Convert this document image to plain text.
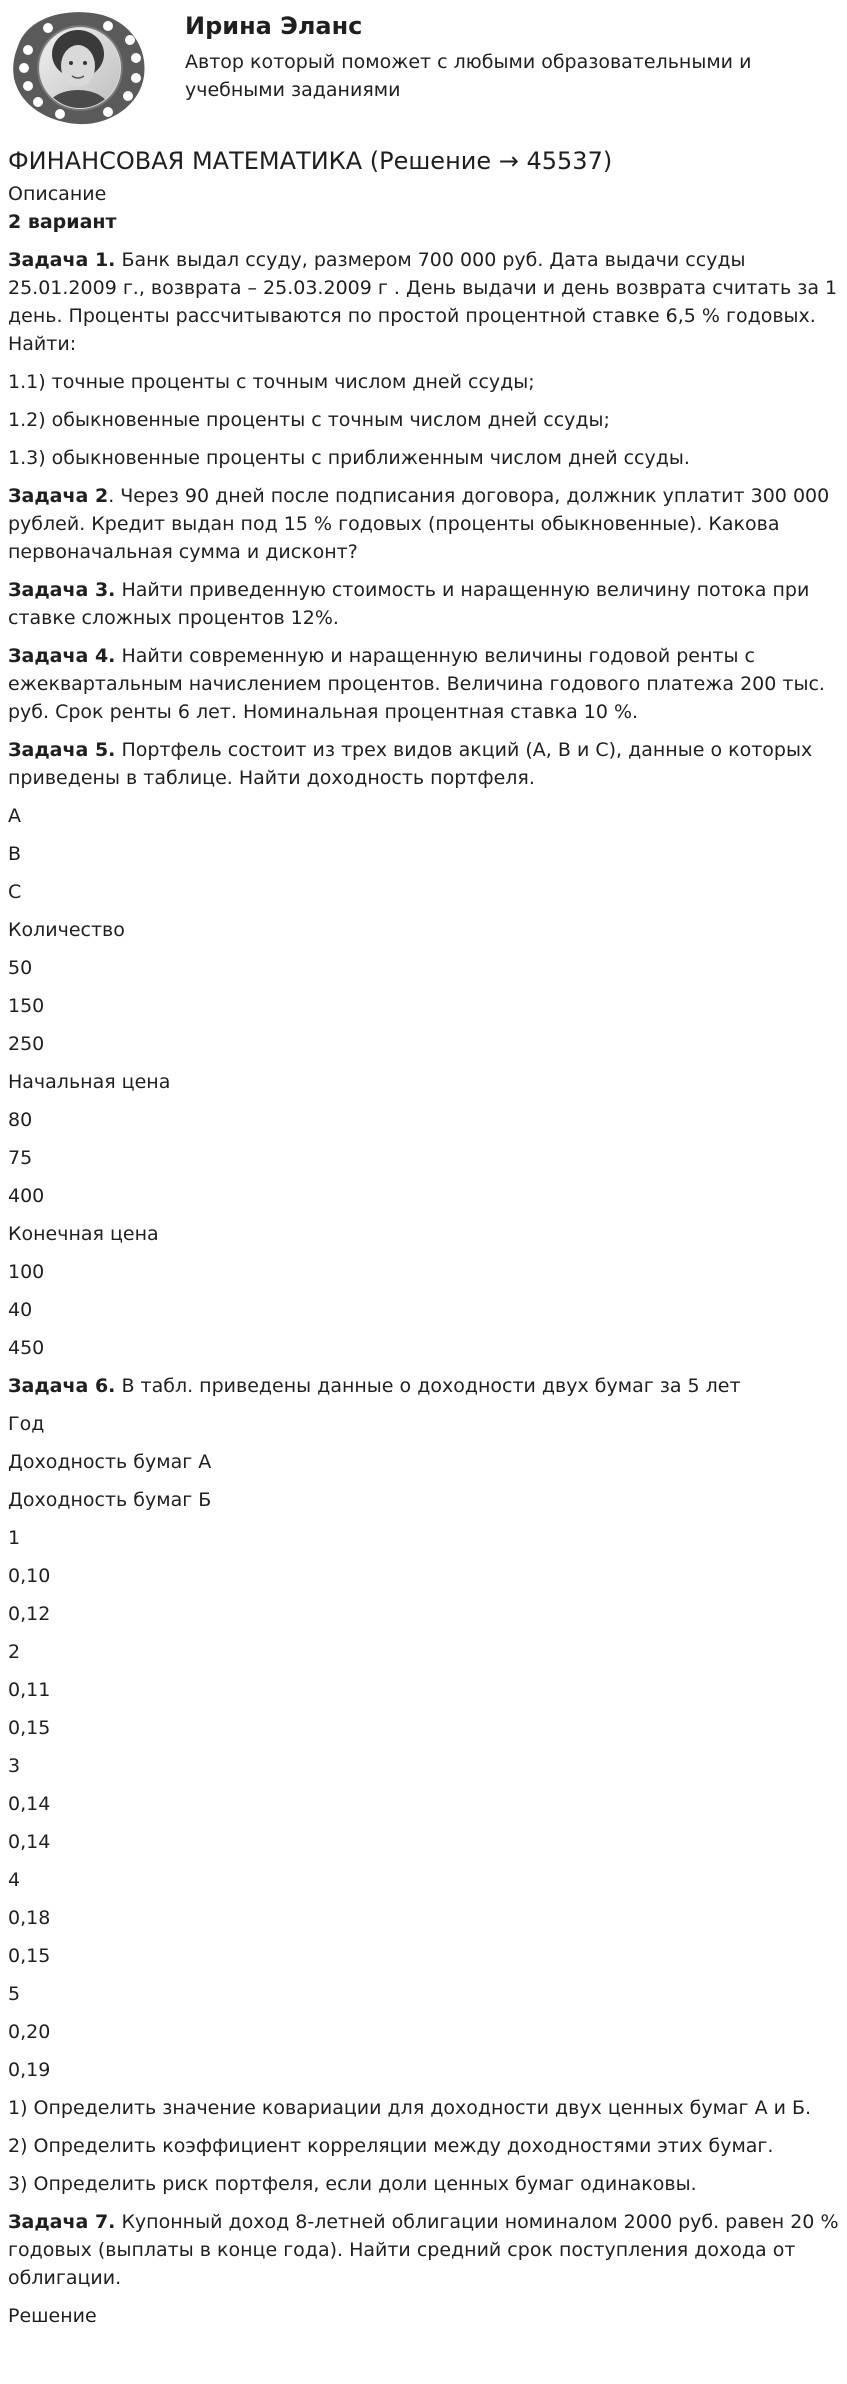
Ирина Эланс

Автор который поможет с любыми образовательными и учебными заданиями

ФИНАНСОВАЯ МАТЕМАТИКА (Решение → 45537)

Описание

2 вариант

Задача 1. Банк выдал ссуду, размером 700 000 руб. Дата выдачи ссуды 25.01.2009 г., возврата – 25.03.2009 г . День выдачи и день возврата считать за 1 день. Проценты рассчитываются по простой процентной ставке 6,5 % годовых. Найти:

1.1) точные проценты с точным числом дней ссуды;

1.2) обыкновенные проценты с точным числом дней ссуды;

1.3) обыкновенные проценты с приближенным числом дней ссуды.

Задача 2. Через 90 дней после подписания договора, должник уплатит 300 000 рублей. Кредит выдан под 15 % годовых (проценты обыкновенные). Какова первоначальная сумма и дисконт?

Задача 3. Найти приведенную стоимость и наращенную величину потока при ставке сложных процентов 12%.

Задача 4. Найти современную и наращенную величины годовой ренты с ежеквартальным начислением процентов. Величина годового платежа 200 тыс. руб. Срок ренты 6 лет. Номинальная процентная ставка 10 %.

Задача 5. Портфель состоит из трех видов акций (А, В и С), данные о которых приведены в таблице. Найти доходность портфеля.

А

В

С

Количество

50

150

250

Начальная цена

80

75

400

Конечная цена

100

40

450

Задача 6. В табл. приведены данные о доходности двух бумаг за 5 лет

Год

Доходность бумаг А

Доходность бумаг Б

1

0,10

0,12

2

0,11

0,15

3

0,14

0,14

4

0,18

0,15

5

0,20

0,19

1) Определить значение ковариации для доходности двух ценных бумаг А и Б.

2) Определить коэффициент корреляции между доходностями этих бумаг.

3) Определить риск портфеля, если доли ценных бумаг одинаковы.

Задача 7. Купонный доход 8-летней облигации номиналом 2000 руб. равен 20 % годовых (выплаты в конце года). Найти средний срок поступления дохода от облигации.

Решение
